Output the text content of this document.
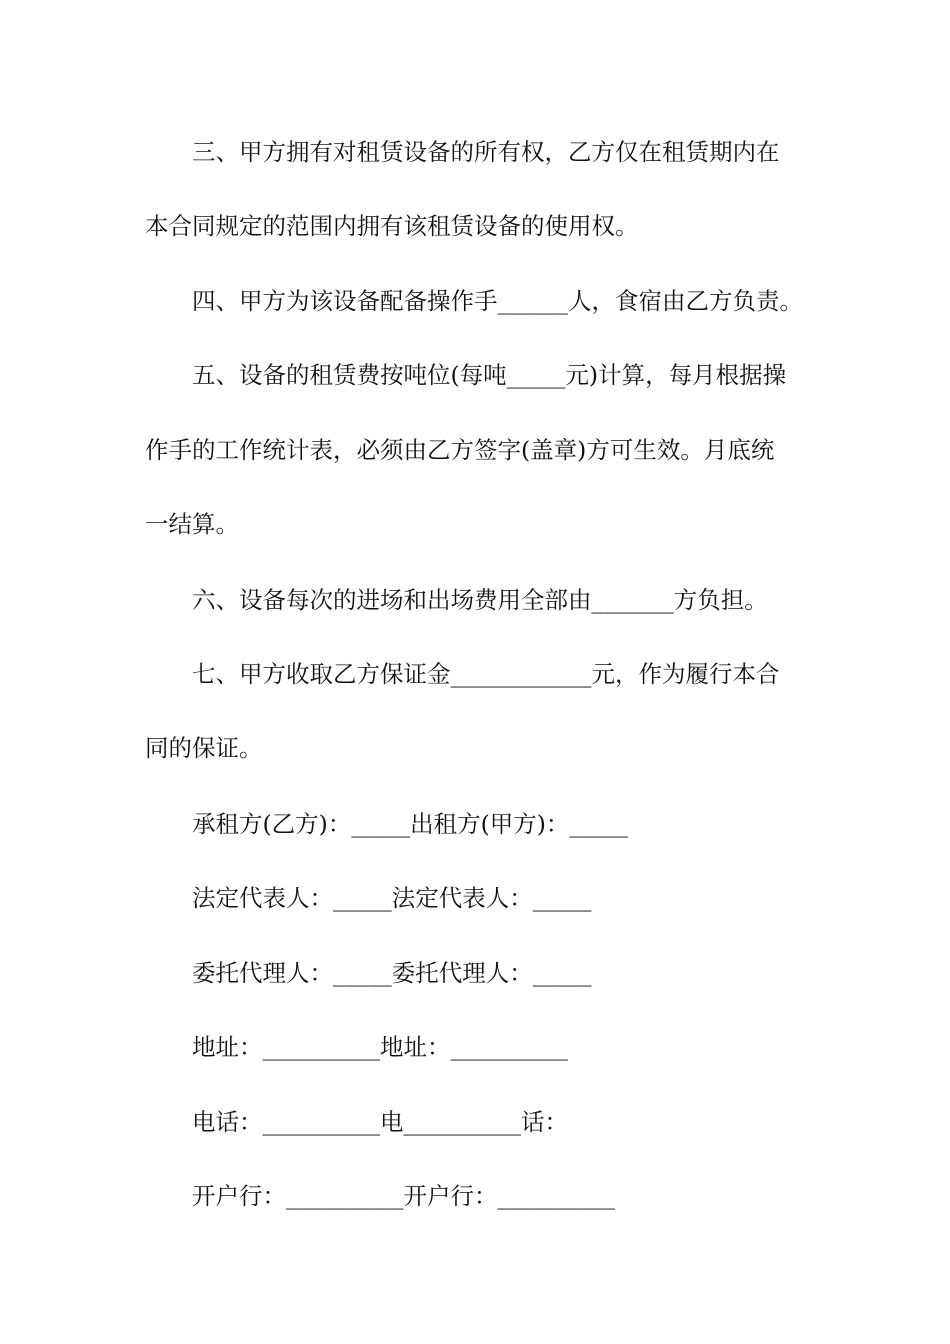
三、甲方拥有对租赁设备的所有权，乙方仅在租赁期内在
本合同规定的范围内拥有该租赁设备的使用权。
四、甲方为该设备配备操作手______人，食宿由乙方负责。
五、设备的租赁费按吨位(每吨_____元)计算，每月根据操
作手的工作统计表，必须由乙方签字(盖章)方可生效。月底统
一结算。
六、设备每次的进场和出场费用全部由_______方负担。
七、甲方收取乙方保证金____________元，作为履行本合
同的保证。
承租方(乙方)：_____出租方(甲方)：_____
法定代表人：_____法定代表人：_____
委托代理人：_____委托代理人：_____
地址：__________地址：__________
电话：__________电__________话：
开户行：__________开户行：__________
